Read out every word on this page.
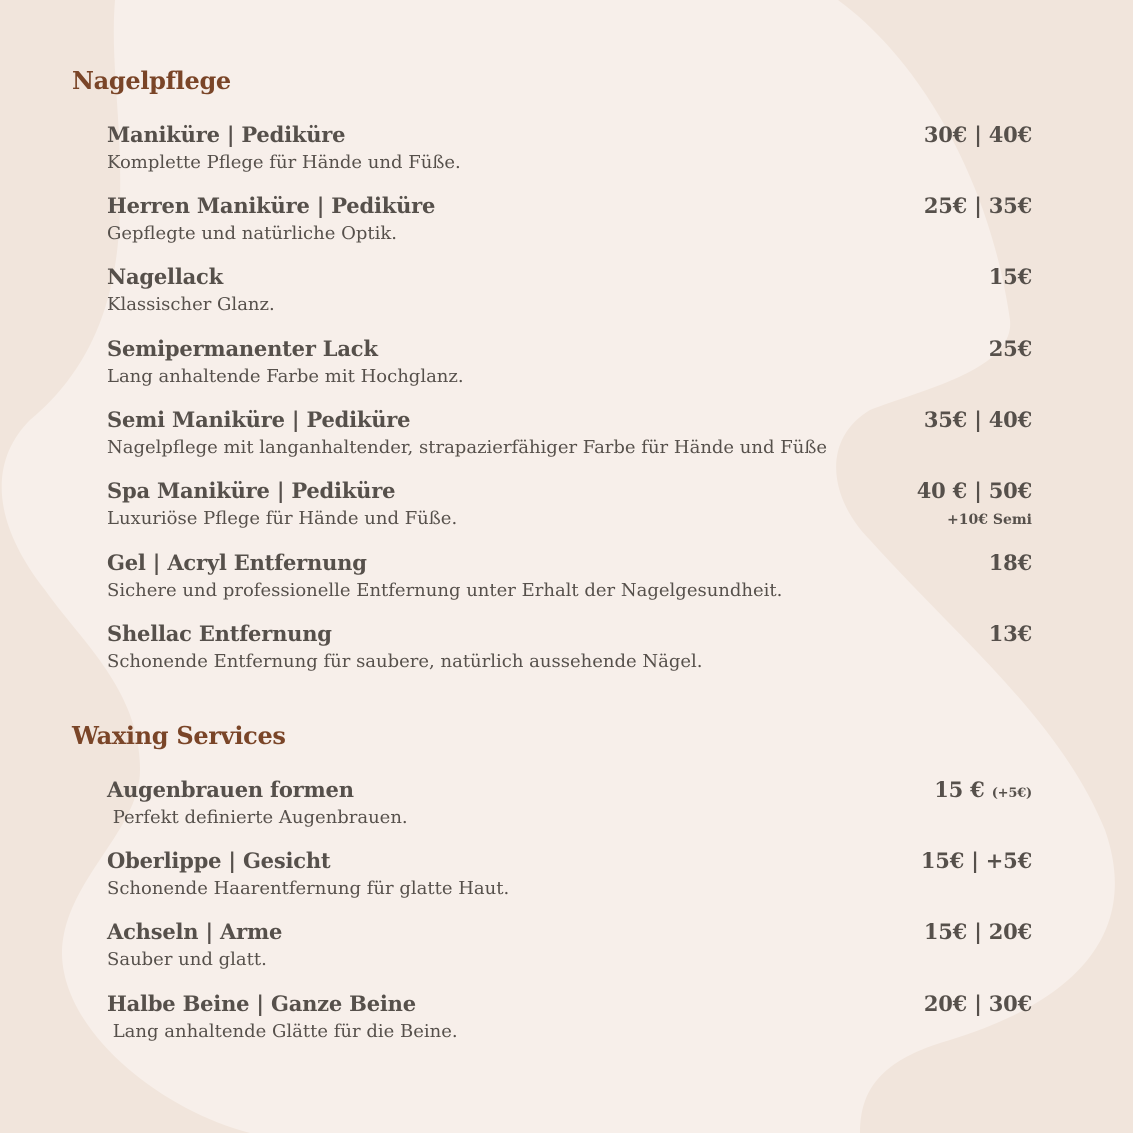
Nagelpflege
Maniküre | Pediküre	30€ | 40€
Komplette Pflege für Hände und Füße.
Herren Maniküre | Pediküre	25€ | 35€
Gepflegte und natürliche Optik.
Nagellack	15€
Klassischer Glanz.
Semipermanenter Lack	25€
Lang anhaltende Farbe mit Hochglanz.
Semi Maniküre | Pediküre	35€ | 40€
Nagelpflege mit langanhaltender, strapazierfähiger Farbe für Hände und Füße
Spa Maniküre | Pediküre	40 € | 50€
+10€ Semi
Luxuriöse Pflege für Hände und Füße.
Gel | Acryl Entfernung	18€
Sichere und professionelle Entfernung unter Erhalt der Nagelgesundheit.
Shellac Entfernung	13€
Schonende Entfernung für saubere, natürlich aussehende Nägel.
Waxing Services
Augenbrauen formen	15 € (+5€)
Perfekt definierte Augenbrauen.
Oberlippe | Gesicht	15€ | +5€
Schonende Haarentfernung für glatte Haut.
Achseln | Arme	15€ | 20€
Sauber und glatt.
Halbe Beine | Ganze Beine	20€ | 30€
Lang anhaltende Glätte für die Beine.
